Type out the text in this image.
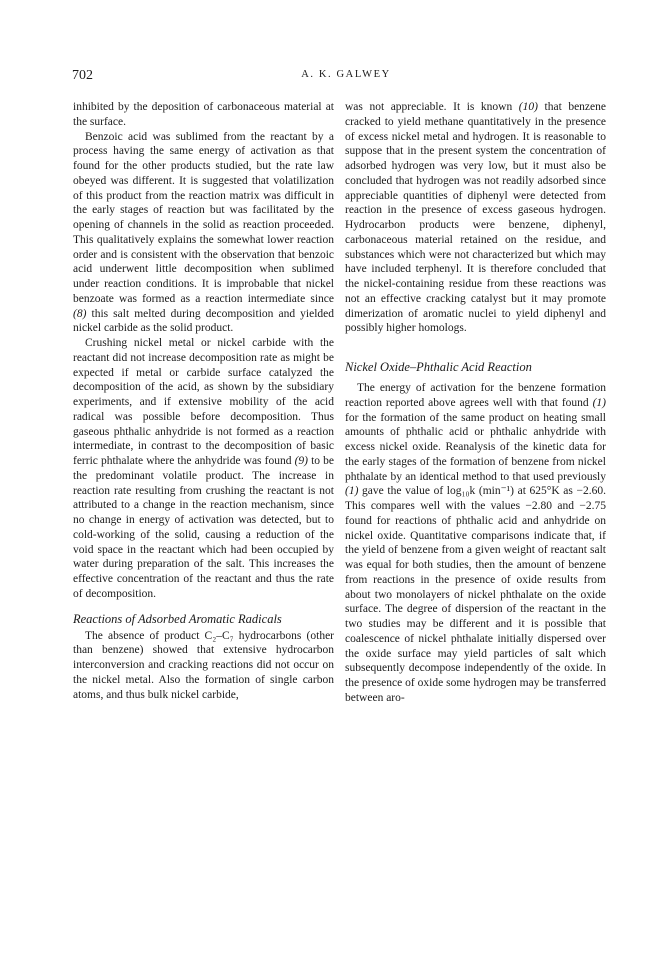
702	A. K. GALWEY

inhibited by the deposition of carbonaceous material at the surface.

Benzoic acid was sublimed from the reactant by a process having the same energy of activation as that found for the other products studied, but the rate law obeyed was different. It is suggested that volatilization of this product from the reaction matrix was difficult in the early stages of reaction but was facilitated by the opening of channels in the solid as reaction proceeded. This qualitatively explains the somewhat lower reaction order and is consistent with the observation that benzoic acid underwent little decomposition when sublimed under reaction conditions. It is improbable that nickel benzoate was formed as a reaction intermediate since (8) this salt melted during decomposition and yielded nickel carbide as the solid product.

Crushing nickel metal or nickel carbide with the reactant did not increase decomposition rate as might be expected if metal or carbide surface catalyzed the decomposition of the acid, as shown by the subsidiary experiments, and if extensive mobility of the acid radical was possible before decomposition. Thus gaseous phthalic anhydride is not formed as a reaction intermediate, in contrast to the decomposition of basic ferric phthalate where the anhydride was found (9) to be the predominant volatile product. The increase in reaction rate resulting from crushing the reactant is not attributed to a change in the reaction mechanism, since no change in energy of activation was detected, but to cold-working of the solid, causing a reduction of the void space in the reactant which had been occupied by water during preparation of the salt. This increases the effective concentration of the reactant and thus the rate of decomposition.

Reactions of Adsorbed Aromatic Radicals

The absence of product C₂–C₇ hydrocarbons (other than benzene) showed that extensive hydrocarbon interconversion and cracking reactions did not occur on the nickel metal. Also the formation of single carbon atoms, and thus bulk nickel carbide,

was not appreciable. It is known (10) that benzene cracked to yield methane quantitatively in the presence of excess nickel metal and hydrogen. It is reasonable to suppose that in the present system the concentration of adsorbed hydrogen was very low, but it must also be concluded that hydrogen was not readily adsorbed since appreciable quantities of diphenyl were detected from reaction in the presence of excess gaseous hydrogen. Hydrocarbon products were benzene, diphenyl, carbonaceous material retained on the residue, and substances which were not characterized but which may have included terphenyl. It is therefore concluded that the nickel-containing residue from these reactions was not an effective cracking catalyst but it may promote dimerization of aromatic nuclei to yield diphenyl and possibly higher homologs.

Nickel Oxide–Phthalic Acid Reaction

The energy of activation for the benzene formation reaction reported above agrees well with that found (1) for the formation of the same product on heating small amounts of phthalic acid or phthalic anhydride with excess nickel oxide. Reanalysis of the kinetic data for the early stages of the formation of benzene from nickel phthalate by an identical method to that used previously (1) gave the value of log₁₀k (min⁻¹) at 625°K as −2.60. This compares well with the values −2.80 and −2.75 found for reactions of phthalic acid and anhydride on nickel oxide. Quantitative comparisons indicate that, if the yield of benzene from a given weight of reactant salt was equal for both studies, then the amount of benzene from reactions in the presence of oxide results from about two monolayers of nickel phthalate on the oxide surface. The degree of dispersion of the reactant in the two studies may be different and it is possible that coalescence of nickel phthalate initially dispersed over the oxide surface may yield particles of salt which subsequently decompose independently of the oxide. In the presence of oxide some hydrogen may be transferred between aro-
